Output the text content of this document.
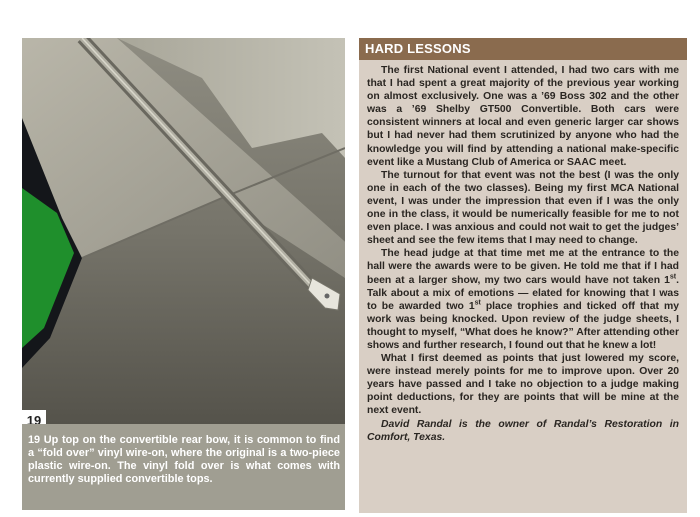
19
19 Up top on the convertible rear bow, it is common to find a “fold over” vinyl wire-on, where the original is a two-piece plastic wire-on. The vinyl fold over is what comes with currently supplied convertible tops.
HARD LESSONS

The first National event I attended, I had two cars with me that I had spent a great majority of the previous year working on almost exclusively. One was a ’69 Boss 302 and the other was a ’69 Shelby GT500 Convertible. Both cars were consistent winners at local and even generic larger car shows but I had never had them scrutinized by anyone who had the knowledge you will find by attending a national make-specific event like a Mustang Club of America or SAAC meet.

The turnout for that event was not the best (I was the only one in each of the two classes). Being my first MCA National event, I was under the impression that even if I was the only one in the class, it would be numerically feasible for me to not even place. I was anxious and could not wait to get the judges’ sheet and see the few items that I may need to change.

The head judge at that time met me at the entrance to the hall were the awards were to be given. He told me that if I had been at a larger show, my two cars would have not taken 1st. Talk about a mix of emotions — elated for knowing that I was to be awarded two 1st place trophies and ticked off that my work was being knocked. Upon review of the judge sheets, I thought to myself, “What does he know?” After attending other shows and further research, I found out that he knew a lot!

What I first deemed as points that just lowered my score, were instead merely points for me to improve upon. Over 20 years have passed and I take no objection to a judge making point deductions, for they are points that will be mine at the next event.

David Randal is the owner of Randal’s Restoration in Comfort, Texas.
